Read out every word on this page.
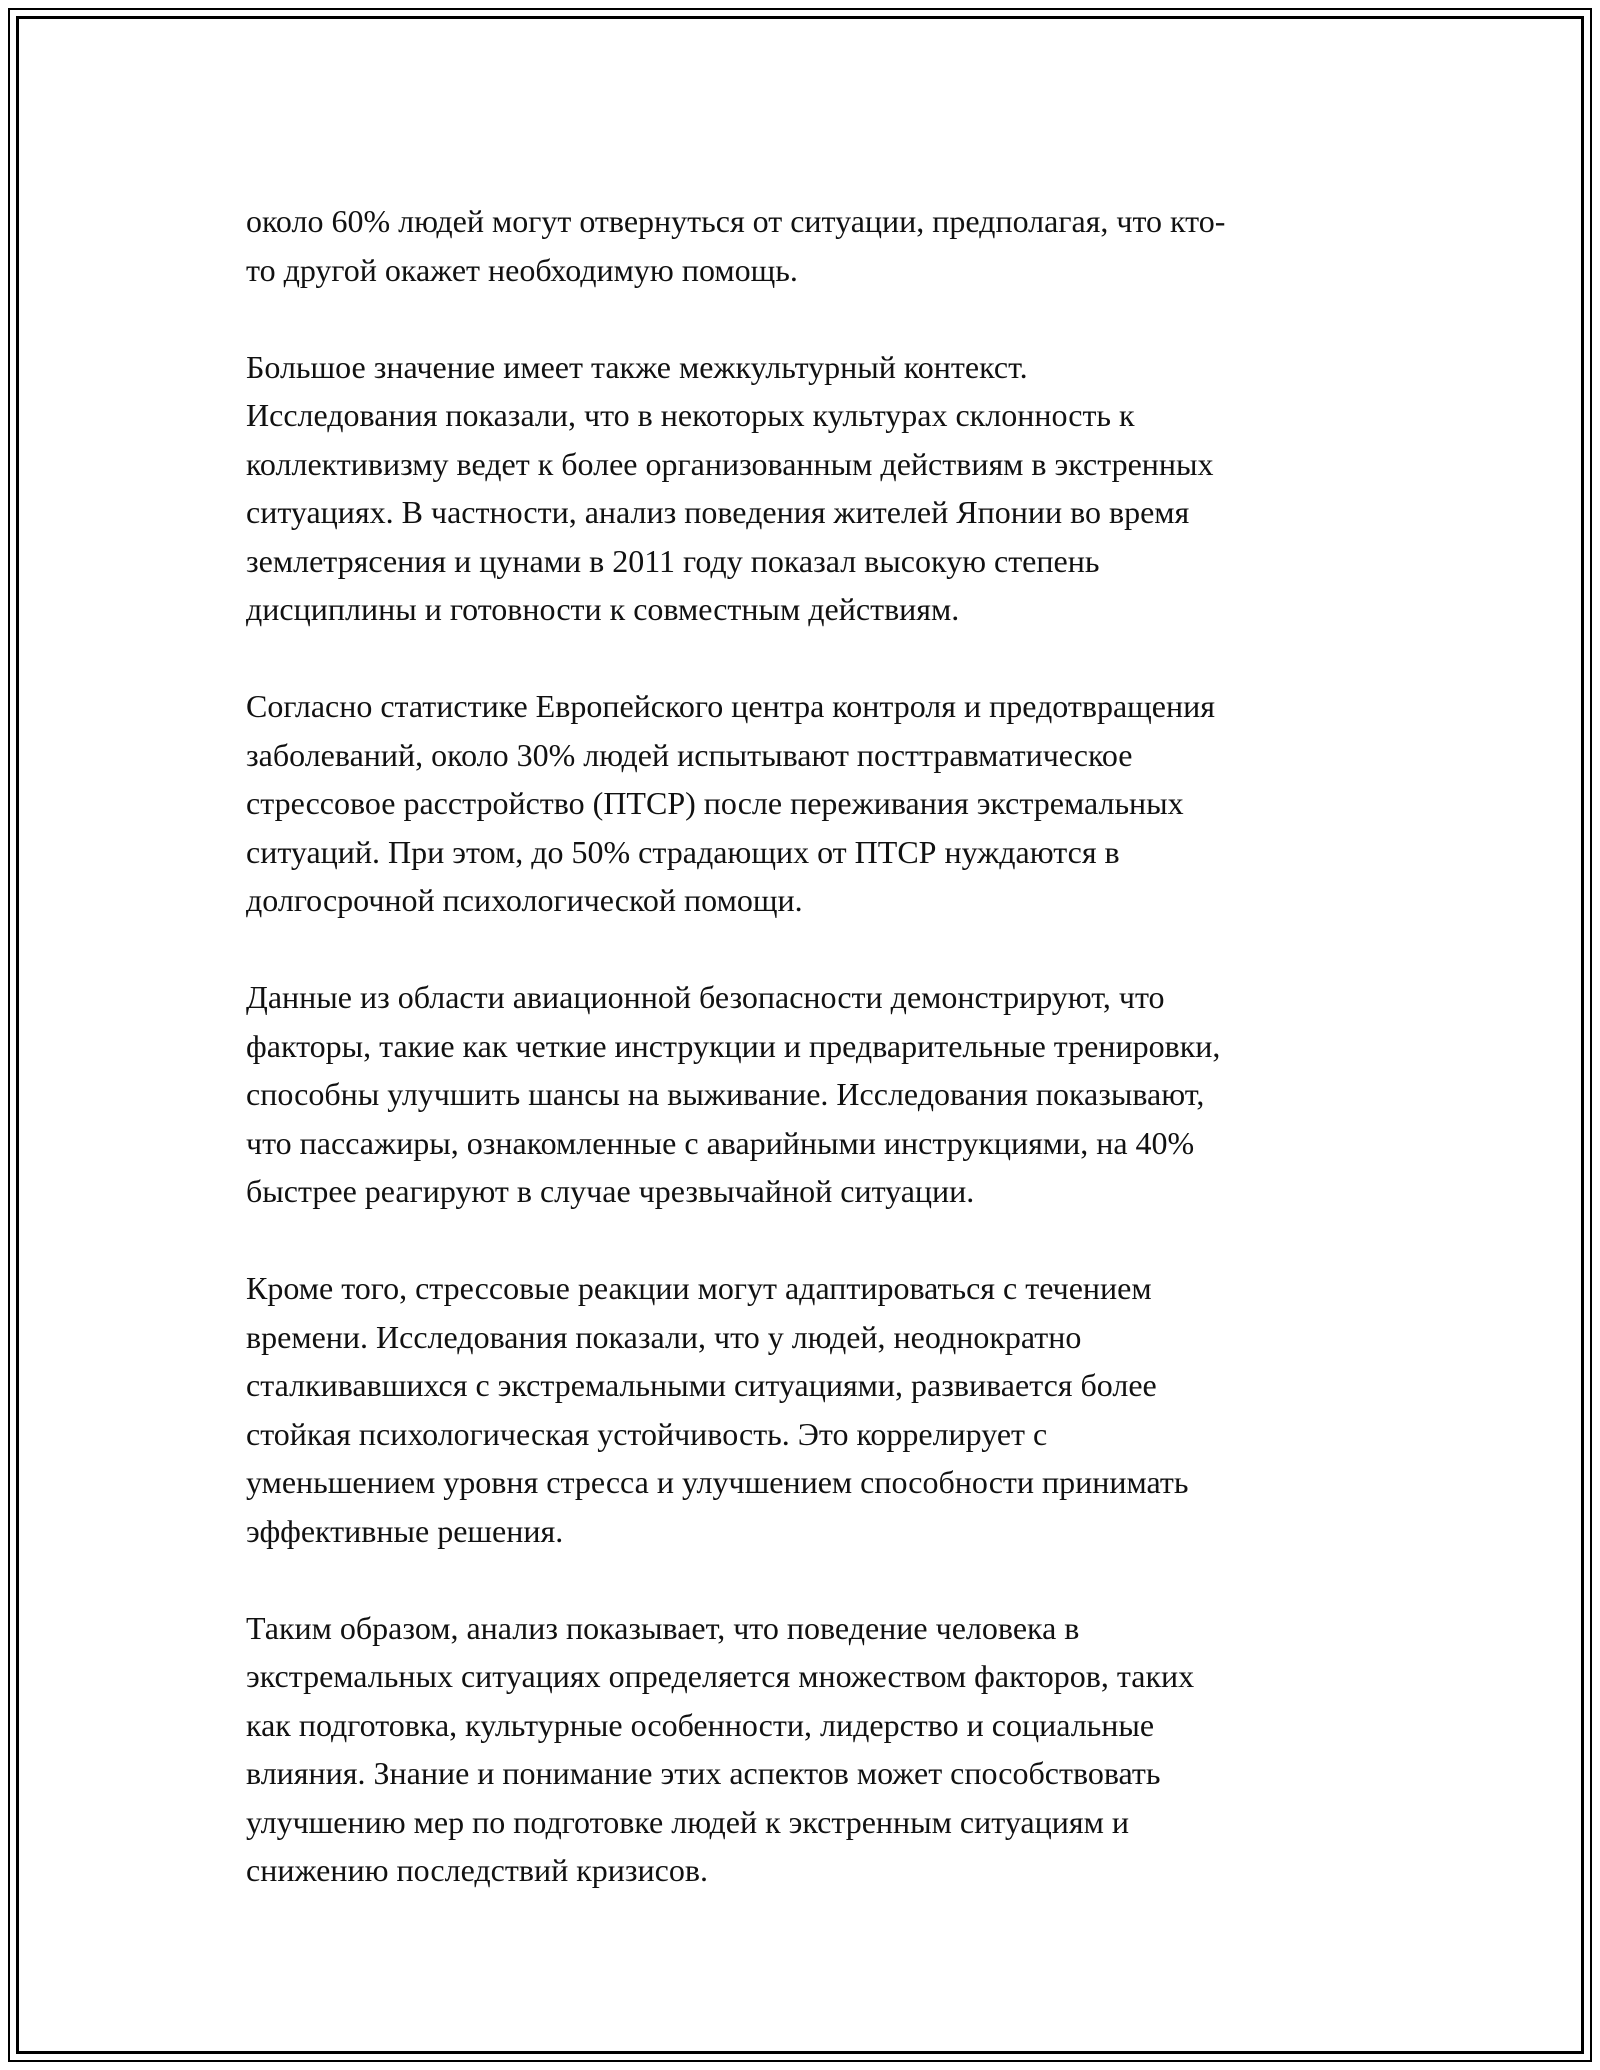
около 60% людей могут отвернуться от ситуации, предполагая, что кто-
то другой окажет необходимую помощь.

Большое значение имеет также межкультурный контекст.
Исследования показали, что в некоторых культурах склонность к
коллективизму ведет к более организованным действиям в экстренных
ситуациях. В частности, анализ поведения жителей Японии во время
землетрясения и цунами в 2011 году показал высокую степень
дисциплины и готовности к совместным действиям.

Согласно статистике Европейского центра контроля и предотвращения
заболеваний, около 30% людей испытывают посттравматическое
стрессовое расстройство (ПТСР) после переживания экстремальных
ситуаций. При этом, до 50% страдающих от ПТСР нуждаются в
долгосрочной психологической помощи.

Данные из области авиационной безопасности демонстрируют, что
факторы, такие как четкие инструкции и предварительные тренировки,
способны улучшить шансы на выживание. Исследования показывают,
что пассажиры, ознакомленные с аварийными инструкциями, на 40%
быстрее реагируют в случае чрезвычайной ситуации.

Кроме того, стрессовые реакции могут адаптироваться с течением
времени. Исследования показали, что у людей, неоднократно
сталкивавшихся с экстремальными ситуациями, развивается более
стойкая психологическая устойчивость. Это коррелирует с
уменьшением уровня стресса и улучшением способности принимать
эффективные решения.

Таким образом, анализ показывает, что поведение человека в
экстремальных ситуациях определяется множеством факторов, таких
как подготовка, культурные особенности, лидерство и социальные
влияния. Знание и понимание этих аспектов может способствовать
улучшению мер по подготовке людей к экстренным ситуациям и
снижению последствий кризисов.
